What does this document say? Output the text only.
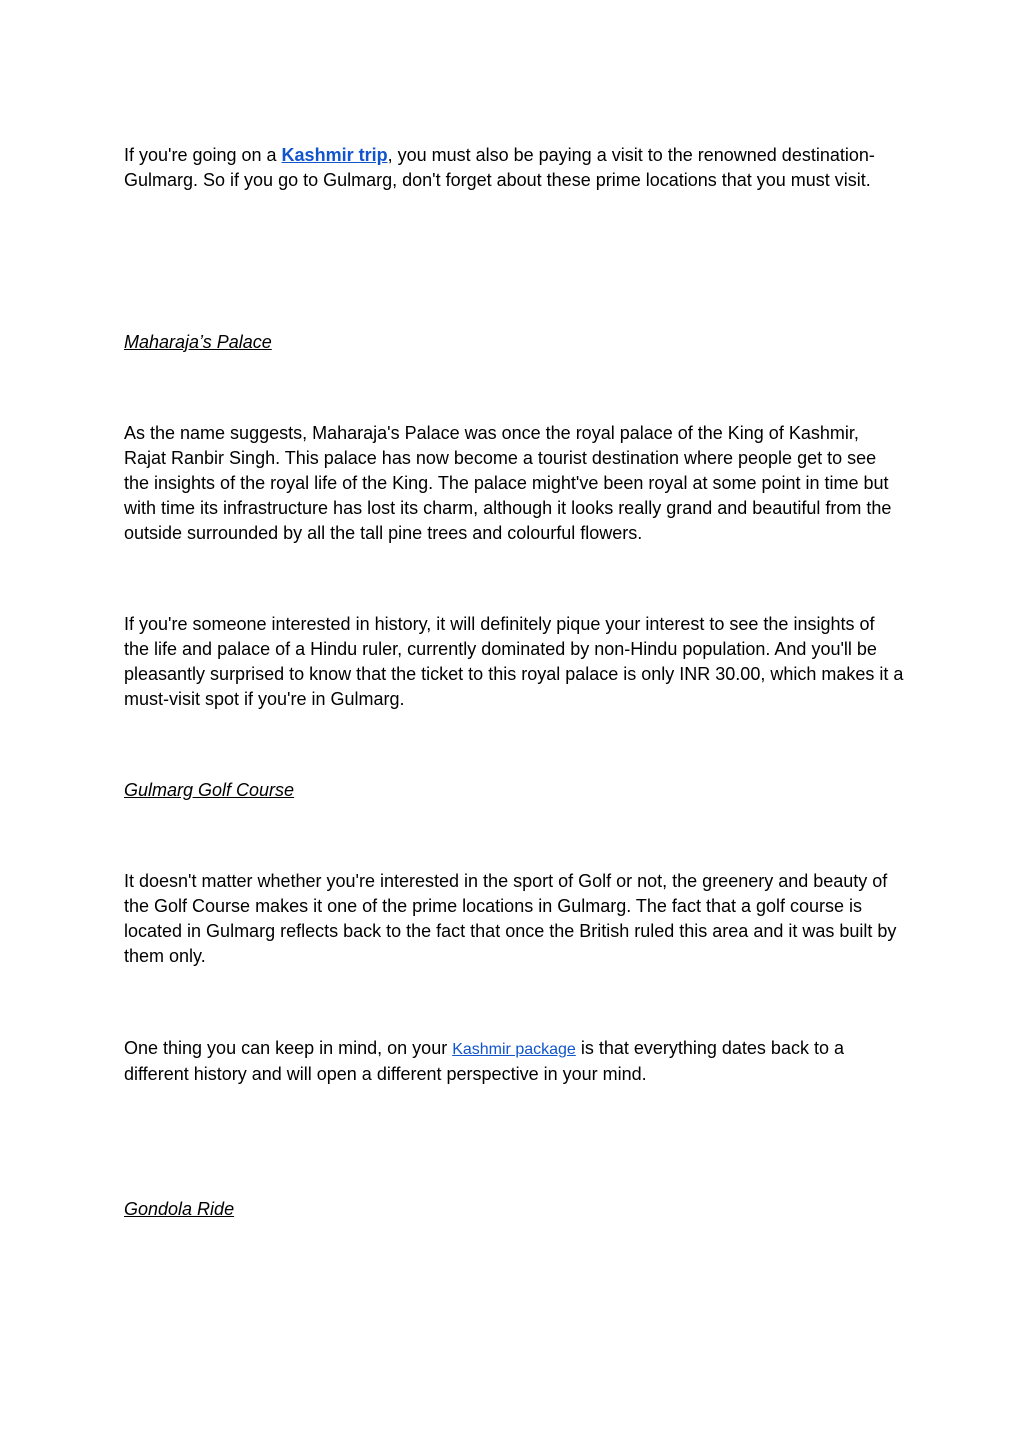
If you're going on a Kashmir trip, you must also be paying a visit to the renowned destination- Gulmarg. So if you go to Gulmarg, don't forget about these prime locations that you must visit.

Maharaja’s Palace

As the name suggests, Maharaja's Palace was once the royal palace of the King of Kashmir, Rajat Ranbir Singh. This palace has now become a tourist destination where people get to see the insights of the royal life of the King. The palace might've been royal at some point in time but with time its infrastructure has lost its charm, although it looks really grand and beautiful from the outside surrounded by all the tall pine trees and colourful flowers.

If you're someone interested in history, it will definitely pique your interest to see the insights of the life and palace of a Hindu ruler, currently dominated by non-Hindu population. And you'll be pleasantly surprised to know that the ticket to this royal palace is only INR 30.00, which makes it a must-visit spot if you're in Gulmarg.

Gulmarg Golf Course

It doesn't matter whether you're interested in the sport of Golf or not, the greenery and beauty of the Golf Course makes it one of the prime locations in Gulmarg. The fact that a golf course is located in Gulmarg reflects back to the fact that once the British ruled this area and it was built by them only.

One thing you can keep in mind, on your Kashmir package is that everything dates back to a different history and will open a different perspective in your mind.

Gondola Ride
